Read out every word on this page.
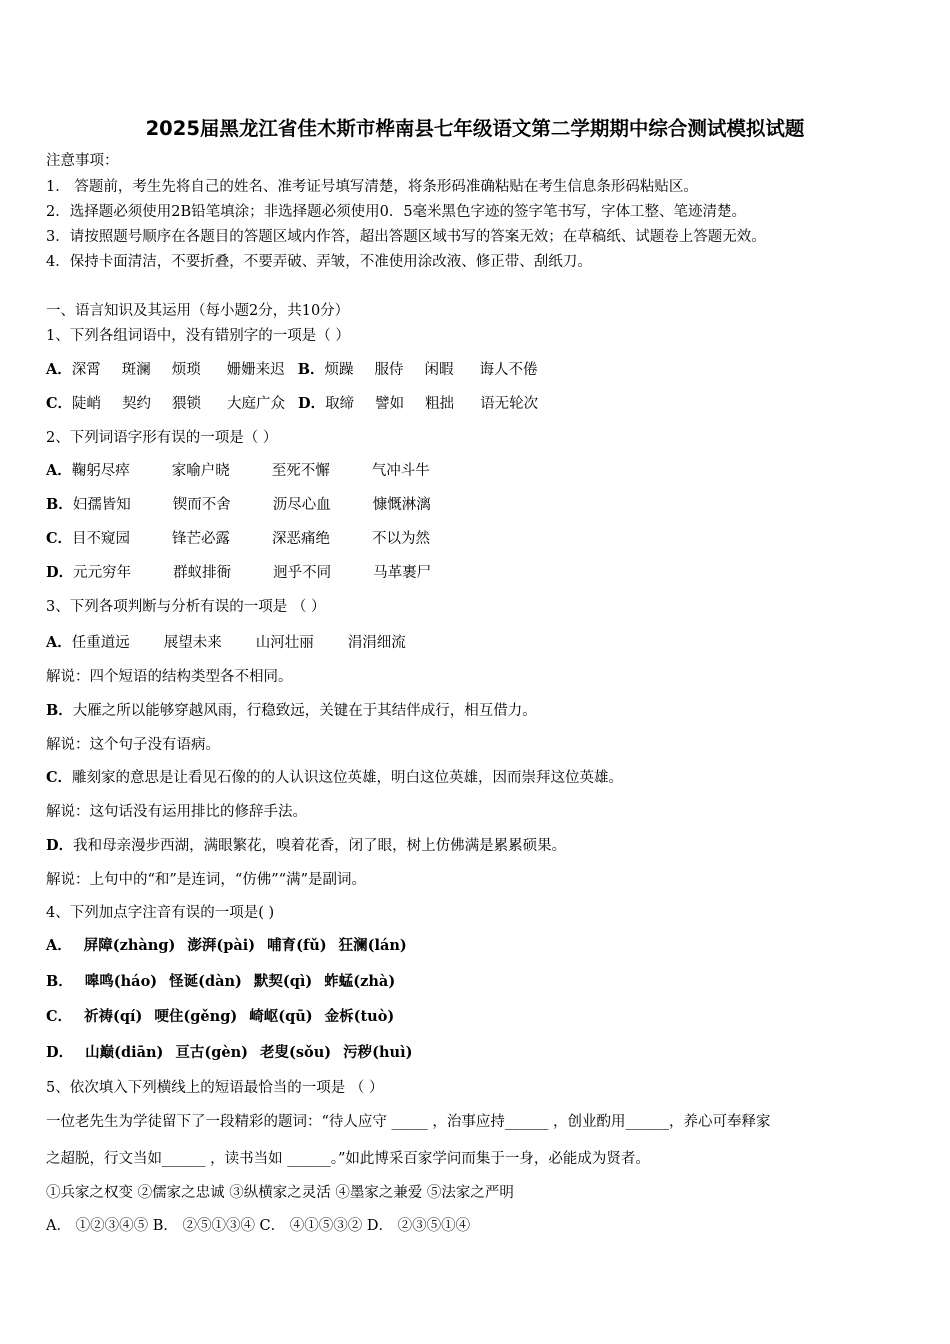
2025届黑龙江省佳木斯市桦南县七年级语文第二学期期中综合测试模拟试题
注意事项：
1． 答题前，考生先将自己的姓名、准考证号填写清楚，将条形码准确粘贴在考生信息条形码粘贴区。
2．选择题必须使用2B铅笔填涂；非选择题必须使用0．5毫米黑色字迹的签字笔书写，字体工整、笔迹清楚。
3．请按照题号顺序在各题目的答题区域内作答，超出答题区域书写的答案无效；在草稿纸、试题卷上答题无效。
4．保持卡面清洁，不要折叠，不要弄破、弄皱，不准使用涂改液、修正带、刮纸刀。
一、语言知识及其运用（每小题2分，共10分）
1、下列各组词语中，没有错别字的一项是（ ）
A．深霄 斑澜 烦琐 姗姗来迟 B．烦躁 服侍 闲暇 诲人不倦
C．陡峭 契约 猥锁 大庭广众 D．取缔 譬如 粗拙 语无轮次
2、下列词语字形有误的一项是（ ）
A．鞠躬尽瘁	家喻户晓	至死不懈	气冲斗牛
B．妇孺皆知	锲而不舍	沥尽心血	慷慨淋漓
C．目不窥园	锋芒必露	深恶痛绝	不以为然
D．元元穷年	群蚁排衙	迥乎不同	马革裹尸
3、下列各项判断与分析有误的一项是 （ ）
A．任重道远 展望未来 山河壮丽 涓涓细流
解说：四个短语的结构类型各不相同。
B．大雁之所以能够穿越风雨，行稳致远，关键在于其结伴成行，相互借力。
解说：这个句子没有语病。
C．雕刻家的意思是让看见石像的的人认识这位英雄，明白这位英雄，因而崇拜这位英雄。
解说：这句话没有运用排比的修辞手法。
D．我和母亲漫步西湖，满眼繁花，嗅着花香，闭了眼，树上仿佛满是累累硕果。
解说：上句中的“和”是连词，“仿佛”“满”是副词。
4、下列加点字注音有误的一项是( )
A． 屏障(zhàng) 澎湃(pài) 哺育(fǔ) 狂澜(lán)
B． 嗥鸣(háo) 怪诞(dàn) 默契(qì) 蚱蜢(zhà)
C． 祈祷(qí) 哽住(gěng) 崎岖(qū) 金柝(tuò)
D． 山巅(diān) 亘古(gèn) 老叟(sǒu) 污秽(huì)
5、依次填入下列横线上的短语最恰当的一项是 （ ）
一位老先生为学徒留下了一段精彩的题词：“待人应守 _____ ，治事应持______ ，创业酌用______，养心可奉释家
之超脱，行文当如______ ，读书当如 ______。”如此博采百家学问而集于一身，必能成为贤者。
①兵家之权变 ②儒家之忠诚 ③纵横家之灵活 ④墨家之兼爱 ⑤法家之严明
A． ①②③④⑤ B． ②⑤①③④ C． ④①⑤③② D． ②③⑤①④
